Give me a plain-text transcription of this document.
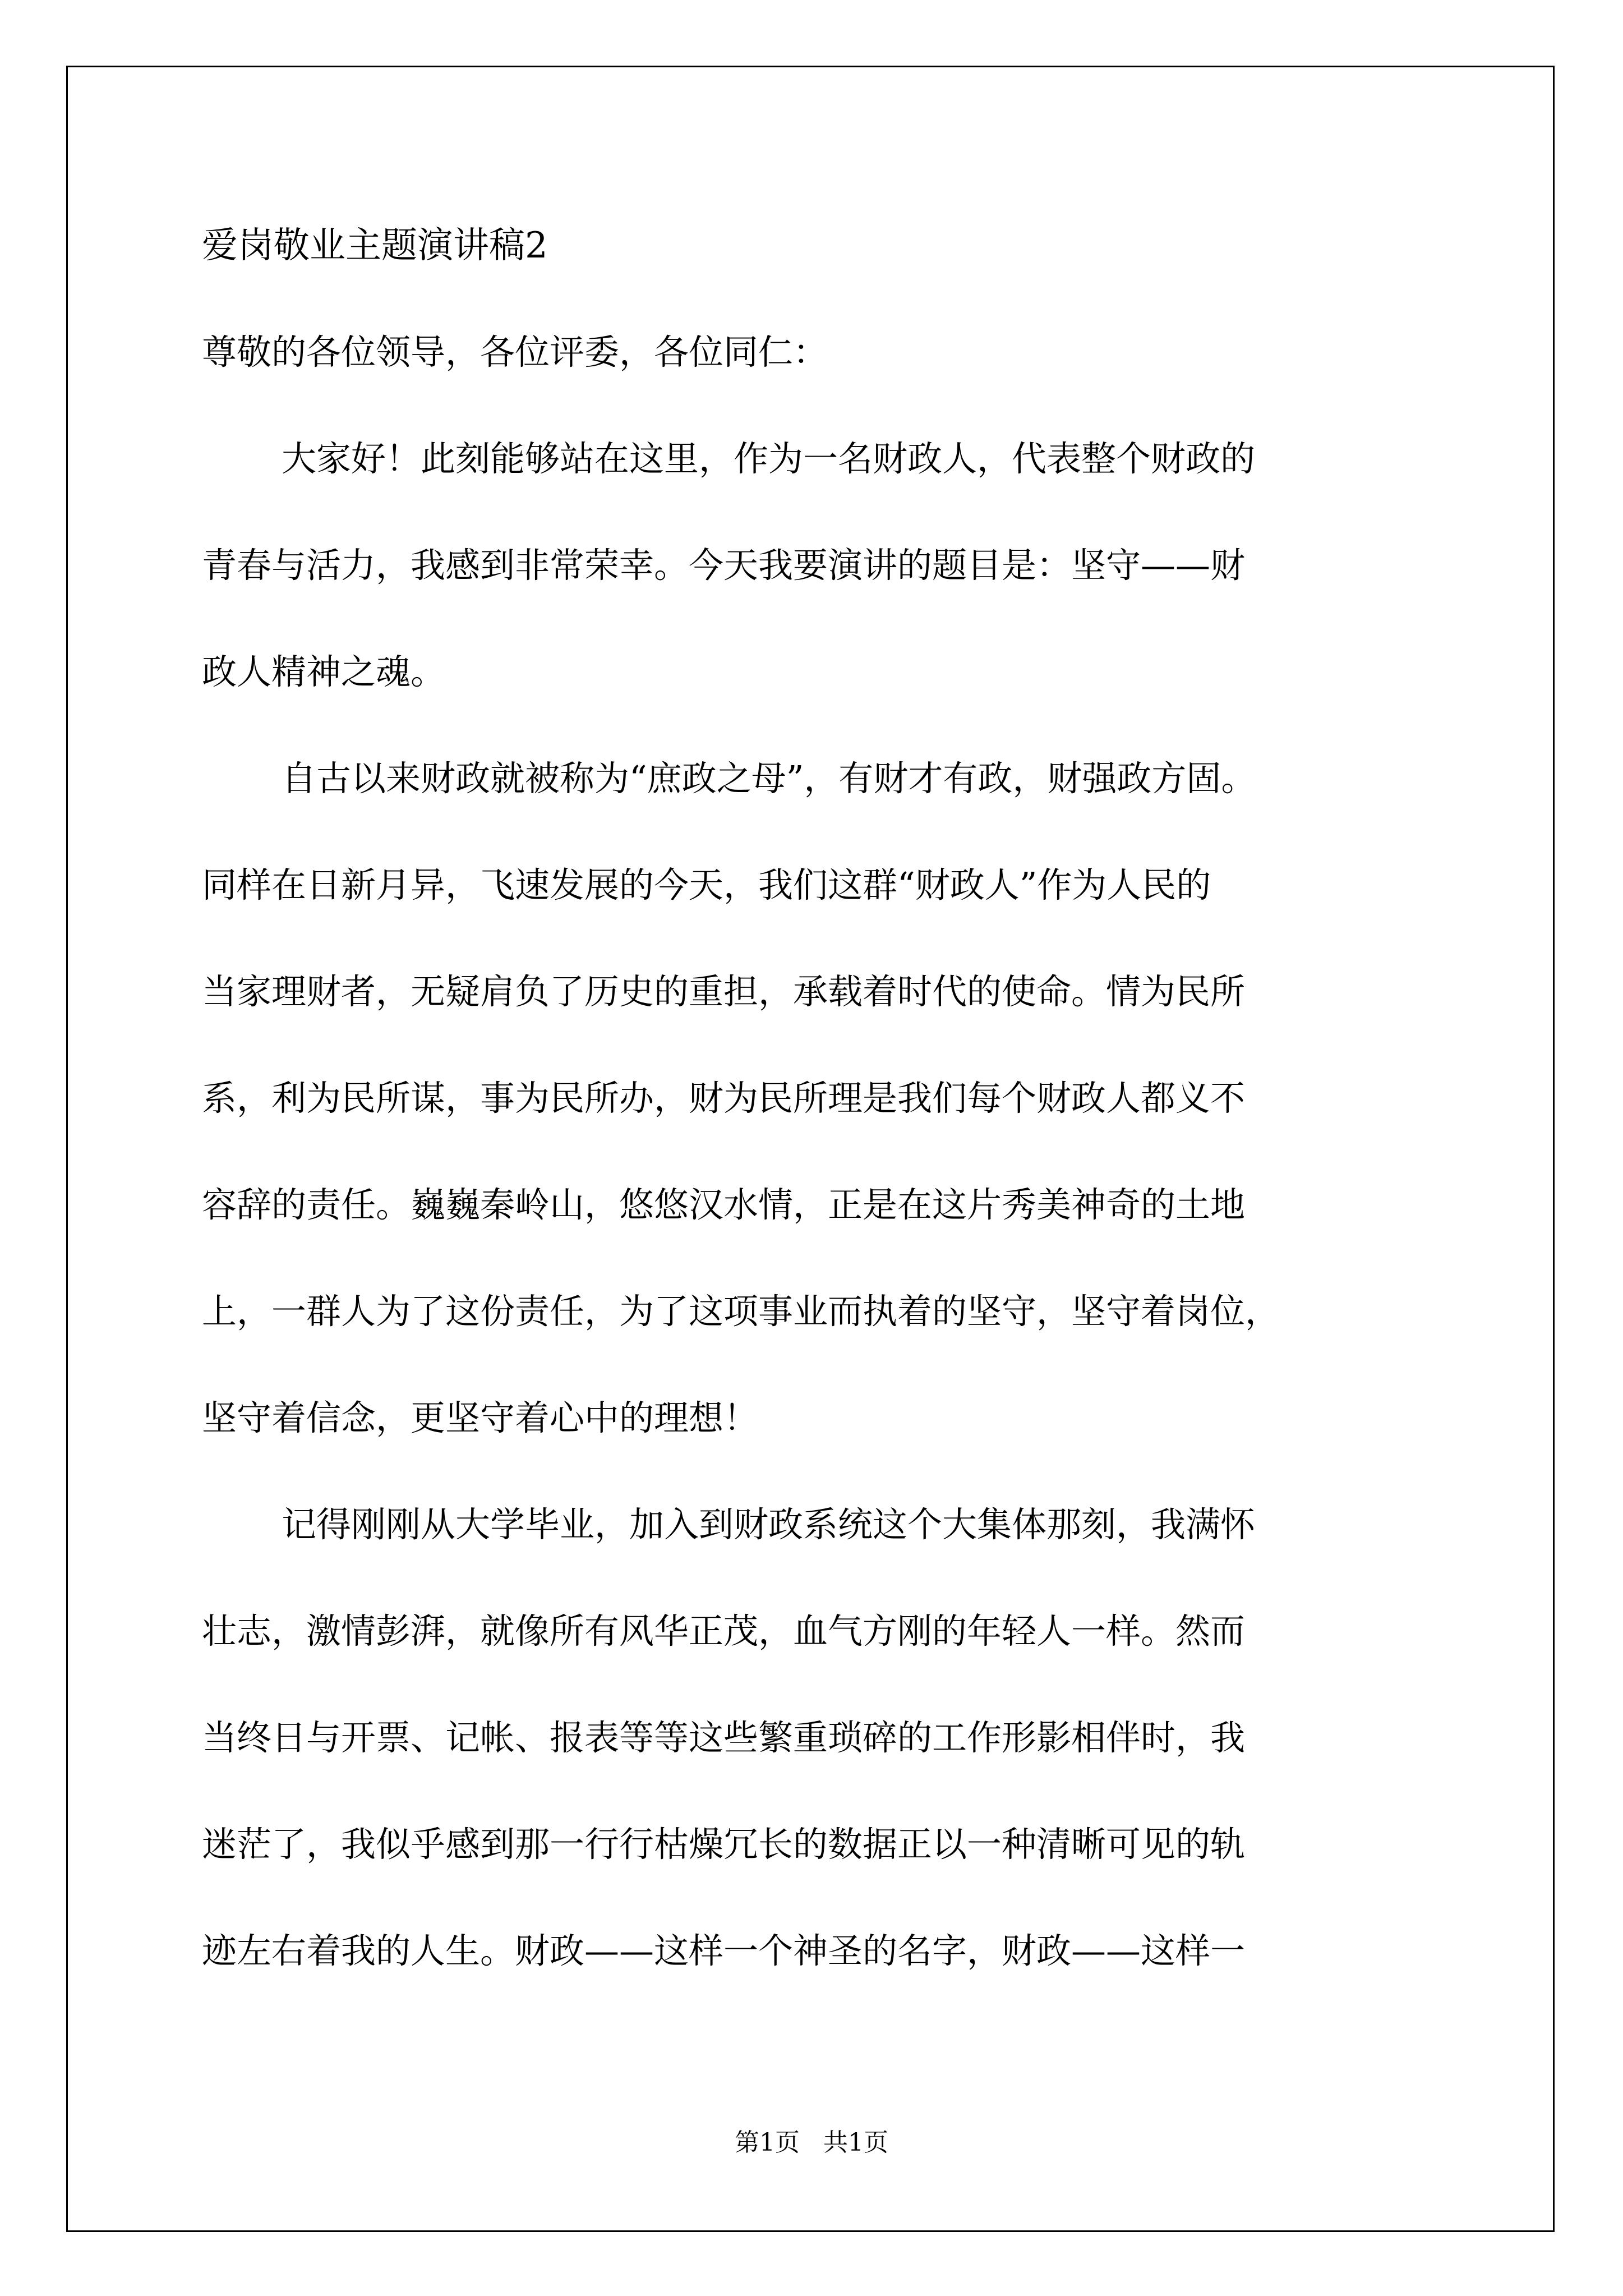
爱岗敬业主题演讲稿2
尊敬的各位领导，各位评委，各位同仁：
大家好！此刻能够站在这里，作为一名财政人，代表整个财政的
青春与活力，我感到非常荣幸。今天我要演讲的题目是：坚守——财
政人精神之魂。
自古以来财政就被称为“庶政之母”，有财才有政，财强政方固。
同样在日新月异，飞速发展的今天，我们这群“财政人”作为人民的
当家理财者，无疑肩负了历史的重担，承载着时代的使命。情为民所
系，利为民所谋，事为民所办，财为民所理是我们每个财政人都义不
容辞的责任。巍巍秦岭山，悠悠汉水情，正是在这片秀美神奇的土地
上，一群人为了这份责任，为了这项事业而执着的坚守，坚守着岗位，
坚守着信念，更坚守着心中的理想！
记得刚刚从大学毕业，加入到财政系统这个大集体那刻，我满怀
壮志，激情彭湃，就像所有风华正茂，血气方刚的年轻人一样。然而
当终日与开票、记帐、报表等等这些繁重琐碎的工作形影相伴时，我
迷茫了，我似乎感到那一行行枯燥冗长的数据正以一种清晰可见的轨
迹左右着我的人生。财政——这样一个神圣的名字，财政——这样一
第1页   共1页
